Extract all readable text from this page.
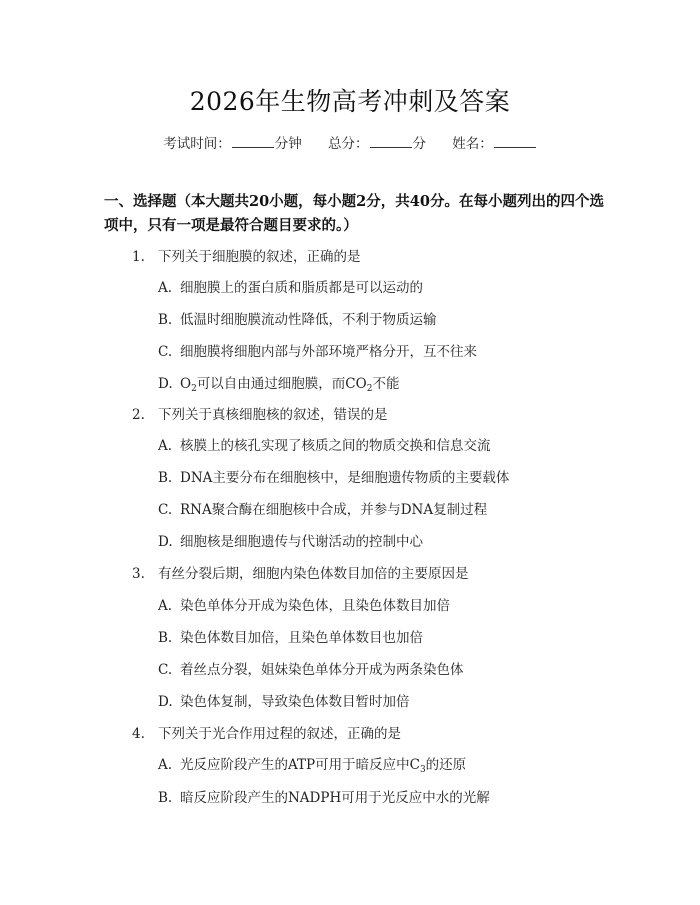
2026年生物高考冲刺及答案
考试时间：	分钟 总分：	分 姓名：
一、选择题（本大题共20小题，每小题2分，共40分。在每小题列出的四个选项中，只有一项是最符合题目要求的。）
1. 下列关于细胞膜的叙述，正确的是
A. 细胞膜上的蛋白质和脂质都是可以运动的
B. 低温时细胞膜流动性降低，不利于物质运输
C. 细胞膜将细胞内部与外部环境严格分开，互不往来
D. $O_2$可以自由通过细胞膜，而$CO_2$不能
2. 下列关于真核细胞核的叙述，错误的是
A. 核膜上的核孔实现了核质之间的物质交换和信息交流
B. DNA主要分布在细胞核中，是细胞遗传物质的主要载体
C. RNA聚合酶在细胞核中合成，并参与DNA复制过程
D. 细胞核是细胞遗传与代谢活动的控制中心
3. 有丝分裂后期，细胞内染色体数目加倍的主要原因是
A. 染色单体分开成为染色体，且染色体数目加倍
B. 染色体数目加倍，且染色单体数目也加倍
C. 着丝点分裂，姐妹染色单体分开成为两条染色体
D. 染色体复制，导致染色体数目暂时加倍
4. 下列关于光合作用过程的叙述，正确的是
A. 光反应阶段产生的ATP可用于暗反应中$C_3$的还原
B. 暗反应阶段产生的NADPH可用于光反应中水的光解
